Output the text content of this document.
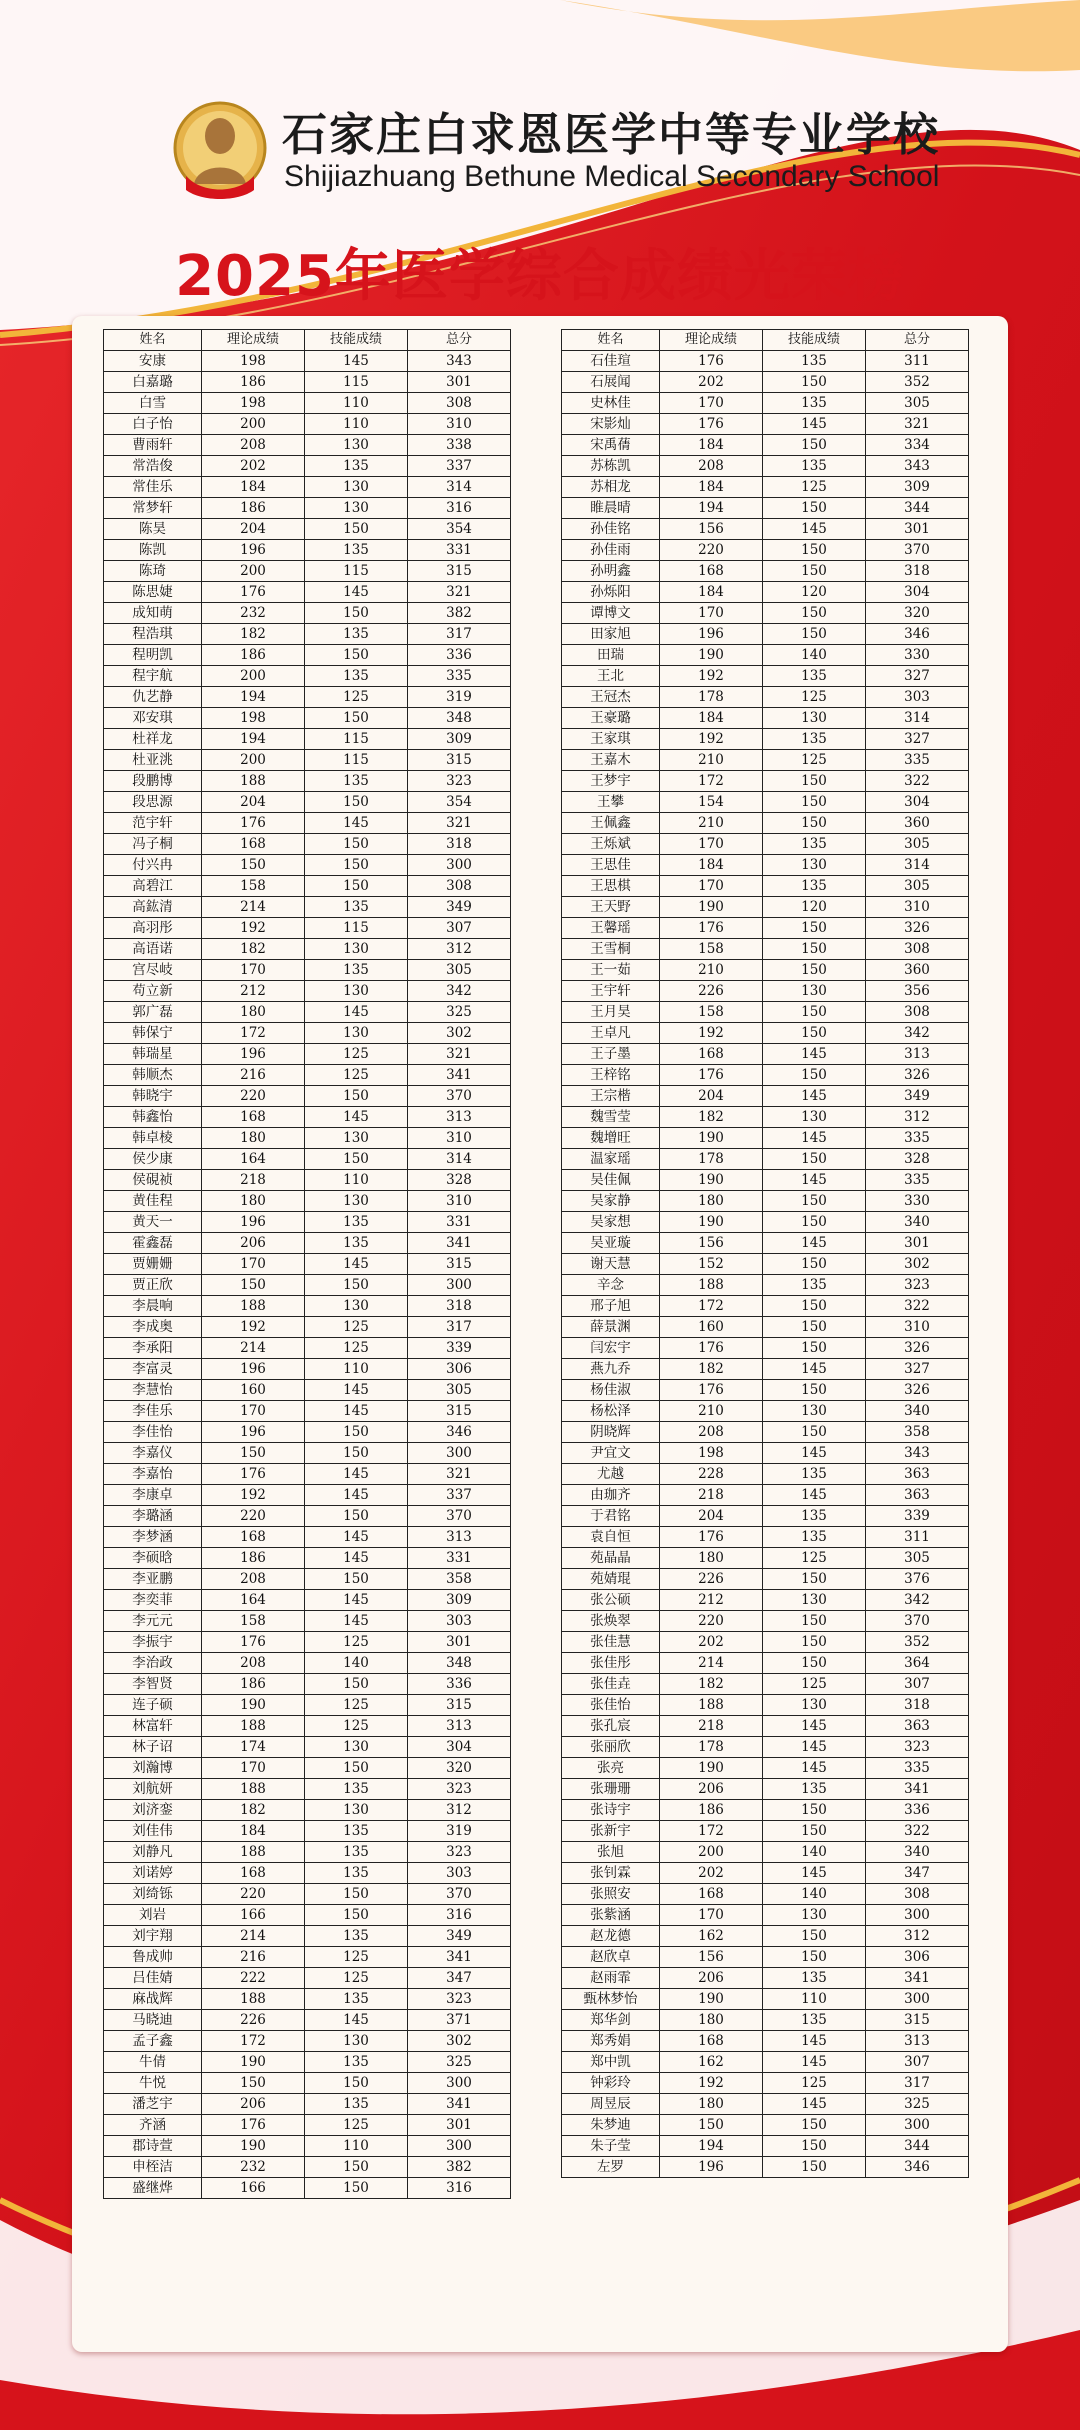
石家庄白求恩医学中等专业学校
Shijiazhuang Bethune Medical Secondary School
2025年医学综合成绩光荣榜
姓名	理论成绩	技能成绩	总分
安康	198	145	343
白嘉璐	186	115	301
白雪	198	110	308
白子怡	200	110	310
曹雨轩	208	130	338
常浩俊	202	135	337
常佳乐	184	130	314
常梦轩	186	130	316
陈昊	204	150	354
陈凯	196	135	331
陈琦	200	115	315
陈思婕	176	145	321
成知萌	232	150	382
程浩琪	182	135	317
程明凯	186	150	336
程宇航	200	135	335
仇艺静	194	125	319
邓安琪	198	150	348
杜祥龙	194	115	309
杜亚洮	200	115	315
段鹏博	188	135	323
段思源	204	150	354
范宇轩	176	145	321
冯子桐	168	150	318
付兴冉	150	150	300
高碧江	158	150	308
高鈜清	214	135	349
高羽彤	192	115	307
高语诺	182	130	312
宫尽岐	170	135	305
苟立新	212	130	342
郭广磊	180	145	325
韩保宁	172	130	302
韩瑞星	196	125	321
韩顺杰	216	125	341
韩晓宇	220	150	370
韩鑫怡	168	145	313
韩卓棱	180	130	310
侯少康	164	150	314
侯硯祯	218	110	328
黄佳程	180	130	310
黄天一	196	135	331
霍鑫磊	206	135	341
贾姗姗	170	145	315
贾正欣	150	150	300
李晨响	188	130	318
李成奥	192	125	317
李承阳	214	125	339
李富灵	196	110	306
李慧怡	160	145	305
李佳乐	170	145	315
李佳怡	196	150	346
李嘉仪	150	150	300
李嘉怡	176	145	321
李康卓	192	145	337
李璐涵	220	150	370
李梦涵	168	145	313
李硕晗	186	145	331
李亚鹏	208	150	358
李奕菲	164	145	309
李元元	158	145	303
李振宇	176	125	301
李治政	208	140	348
李智贤	186	150	336
连子硕	190	125	315
林富轩	188	125	313
林子诏	174	130	304
刘瀚博	170	150	320
刘航妍	188	135	323
刘济銮	182	130	312
刘佳伟	184	135	319
刘静凡	188	135	323
刘诺婷	168	135	303
刘绮铄	220	150	370
刘岩	166	150	316
刘宇翔	214	135	349
鲁成帅	216	125	341
吕佳婧	222	125	347
麻战辉	188	135	323
马晓迪	226	145	371
孟子鑫	172	130	302
牛倩	190	135	325
牛悦	150	150	300
潘芝宇	206	135	341
齐涵	176	125	301
郡诗萱	190	110	300
申桎洁	232	150	382
盛继烨	166	150	316
姓名	理论成绩	技能成绩	总分
石佳瑄	176	135	311
石展闻	202	150	352
史林佳	170	135	305
宋影灿	176	145	321
宋禹蒨	184	150	334
苏栋凯	208	135	343
苏相龙	184	125	309
睢晨晴	194	150	344
孙佳铭	156	145	301
孙佳雨	220	150	370
孙明鑫	168	150	318
孙烁阳	184	120	304
谭博文	170	150	320
田家旭	196	150	346
田瑞	190	140	330
王北	192	135	327
王冠杰	178	125	303
王豪璐	184	130	314
王家琪	192	135	327
王嘉木	210	125	335
王梦宇	172	150	322
王攀	154	150	304
王佩鑫	210	150	360
王烁斌	170	135	305
王思佳	184	130	314
王思棋	170	135	305
王天野	190	120	310
王馨瑶	176	150	326
王雪桐	158	150	308
王一茹	210	150	360
王宇轩	226	130	356
王月昊	158	150	308
王卓凡	192	150	342
王子墨	168	145	313
王梓铭	176	150	326
王宗楷	204	145	349
魏雪莹	182	130	312
魏增旺	190	145	335
温家瑶	178	150	328
吴佳佩	190	145	335
吴家静	180	150	330
吴家想	190	150	340
吴亚璇	156	145	301
谢天慧	152	150	302
辛念	188	135	323
邢子旭	172	150	322
薛景渊	160	150	310
闫宏宇	176	150	326
燕九乔	182	145	327
杨佳淑	176	150	326
杨松泽	210	130	340
阴晓辉	208	150	358
尹宜文	198	145	343
尤越	228	135	363
由珈齐	218	145	363
于君铭	204	135	339
袁自恒	176	135	311
苑晶晶	180	125	305
苑婧琨	226	150	376
张公硕	212	130	342
张焕翠	220	150	370
张佳慧	202	150	352
张佳彤	214	150	364
张佳垚	182	125	307
张佳怡	188	130	318
张孔宸	218	145	363
张丽欣	178	145	323
张亮	190	145	335
张珊珊	206	135	341
张诗宇	186	150	336
张新宇	172	150	322
张旭	200	140	340
张钊霖	202	145	347
张照安	168	140	308
张紫涵	170	130	300
赵龙德	162	150	312
赵欣卓	156	150	306
赵雨霏	206	135	341
甄林梦怡	190	110	300
郑华剑	180	135	315
郑秀娟	168	145	313
郑中凯	162	145	307
钟彩玲	192	125	317
周昱辰	180	145	325
朱梦迪	150	150	300
朱子莹	194	150	344
左罗	196	150	346
